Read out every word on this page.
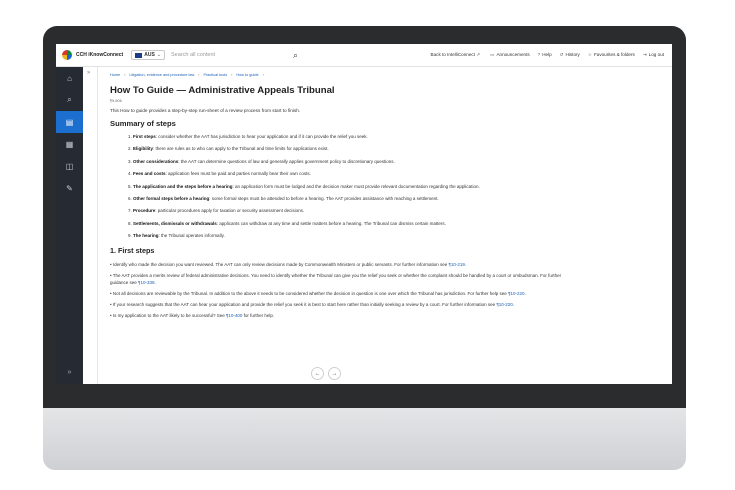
CCH iKnowConnect	AUS ⌄ Search all content	⌕	Back to IntelliConnect ↗	▭ Announcements ? Help ↺ History ☆ Favourites & folders ⇥ Log out
⌂
⌕
▤
▦
◫
✎
»
»	Home › Litigation, evidence and procedure law › Practical tools › How to guide ›
How To Guide — Administrative Appeals Tribunal
¶9-506
This How to guide provides a step-by-step run-sheet of a review process from start to finish.
Summary of steps
1. First steps: consider whether the AAT has jurisdiction to hear your application and if it can provide the relief you seek.
2. Eligibility: there are rules as to who can apply to the Tribunal and time limits for applications exist.
3. Other considerations: the AAT can determine questions of law and generally applies government policy to discretionary questions.
4. Fees and costs: application fees must be paid and parties normally bear their own costs.
5. The application and the steps before a hearing: an application form must be lodged and the decision maker must provide relevant documentation regarding the application.
6. Other formal steps before a hearing: some formal steps must be attended to before a hearing. The AAT provides assistance with reaching a settlement.
7. Procedure: particular procedures apply for taxation or security assessment decisions.
8. Settlements, dismissals or withdrawals: applicants can withdraw at any time and settle matters before a hearing. The Tribunal can dismiss certain matters.
9. The hearing: the Tribunal operates informally.
1. First steps
• Identify who made the decision you want reviewed. The AAT can only review decisions made by Commonwealth Ministers or public servants. For further information see ¶10-219.
• The AAT provides a merits review of federal administrative decisions. You need to identify whether the Tribunal can give you the relief you seek or whether the complaint should be handled by a court or ombudsman. For further guidance see ¶10-339.
• Not all decisions are reviewable by the Tribunal. In addition to the above it needs to be considered whether the decision in question is one over which the Tribunal has jurisdiction. For further help see ¶10-220.
• If your research suggests that the AAT can hear your application and provide the relief you seek it is best to start here rather than initially seeking a review by a court. For further information see ¶10-220.
• Is my application to the AAT likely to be successful? See ¶10-400 for further help.
←	→
